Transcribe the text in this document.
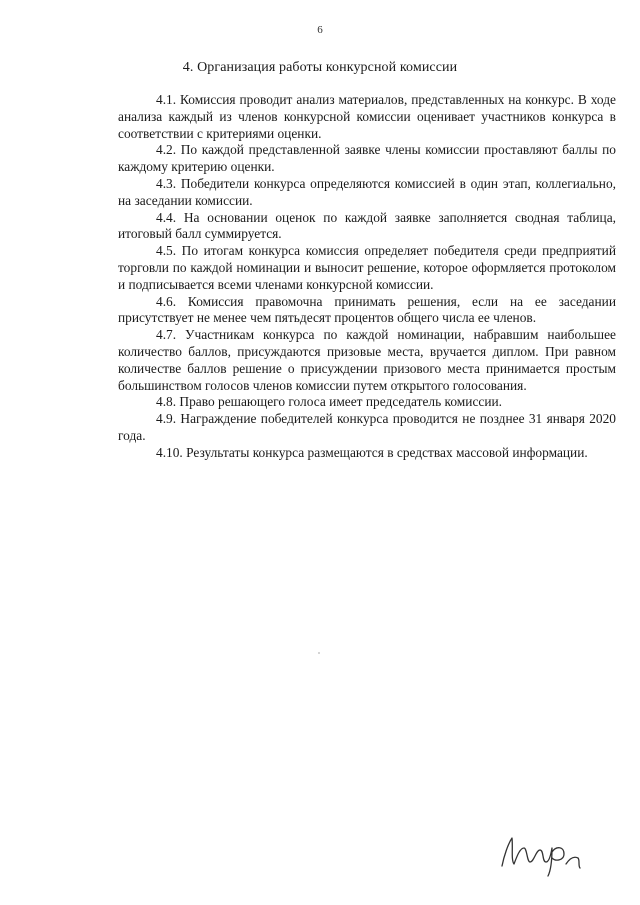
6
4. Организация работы конкурсной комиссии

4.1. Комиссия проводит анализ материалов, представленных на конкурс. В ходе анализа каждый из членов конкурсной комиссии оценивает участников конкурса в соответствии с критериями оценки.

4.2. По каждой представленной заявке члены комиссии проставляют баллы по каждому критерию оценки.

4.3. Победители конкурса определяются комиссией в один этап, коллегиально, на заседании комиссии.

4.4. На основании оценок по каждой заявке заполняется сводная таблица, итоговый балл суммируется.

4.5. По итогам конкурса комиссия определяет победителя среди предприятий торговли по каждой номинации и выносит решение, которое оформляется протоколом и подписывается всеми членами конкурсной комиссии.

4.6. Комиссия правомочна принимать решения, если на ее заседании присутствует не менее чем пятьдесят процентов общего числа ее членов.

4.7. Участникам конкурса по каждой номинации, набравшим наибольшее количество баллов, присуждаются призовые места, вручается диплом. При равном количестве баллов решение о присуждении призового места принимается простым большинством голосов членов комиссии путем открытого голосования.

4.8. Право решающего голоса имеет председатель комиссии.

4.9. Награждение победителей конкурса проводится не позднее 31 января 2020 года.

4.10. Результаты конкурса размещаются в средствах массовой информации.
